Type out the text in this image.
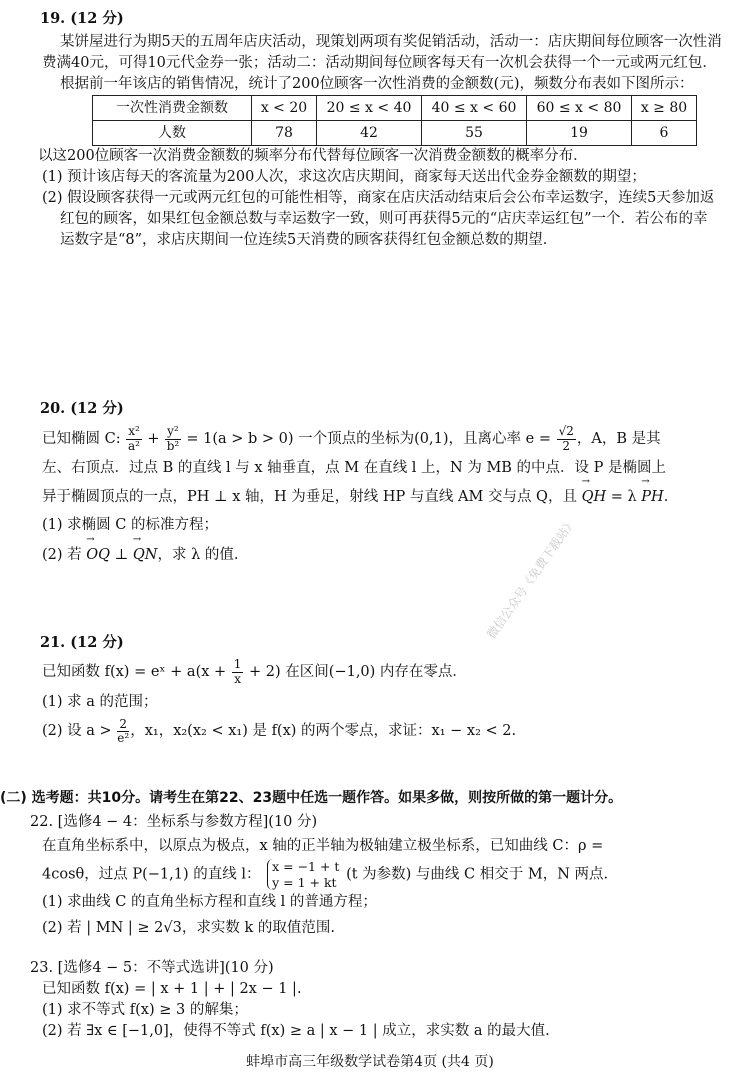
19. (12 分)

某饼屋进行为期5天的五周年店庆活动，现策划两项有奖促销活动，活动一：店庆期间每位顾客一次性消费满40元，可得10元代金券一张；活动二：活动期间每位顾客每天有一次机会获得一个一元或两元红包．

根据前一年该店的销售情况，统计了200位顾客一次性消费的金额数(元)，频数分布表如下图所示：

一次性消费金额数	x < 20	20 ≤ x < 40	40 ≤ x < 60	60 ≤ x < 80	x ≥ 80
人数	78	42	55	19	6

以这200位顾客一次消费金额数的频率分布代替每位顾客一次消费金额数的概率分布．

(1) 预计该店每天的客流量为200人次，求这次店庆期间，商家每天送出代金券金额数的期望；

(2) 假设顾客获得一元或两元红包的可能性相等，商家在店庆活动结束后会公布幸运数字，连续5天参加返红包的顾客，如果红包金额总数与幸运数字一致，则可再获得5元的“店庆幸运红包”一个．若公布的幸运数字是“8”，求店庆期间一位连续5天消费的顾客获得红包金额总数的期望．

20. (12 分)

已知椭圆 C: $\frac{\text{x²}}{\text{a²}} + \frac{\text{y²}}{\text{b²}} = 1(a > b > 0)$ 一个顶点的坐标为(0,1)，且离心率 $e = \frac{√2}{2}$ ，A，B 是其

左、右顶点．过点 B 的直线 l 与 x 轴垂直，点 M 在直线 l 上，N 为 MB 的中点．设 P 是椭圆上

异于椭圆顶点的一点，PH ⊥ x 轴，H 为垂足，射线 HP 与直线 AM 交与点 Q，且 → QH = λ → PH.

(1) 求椭圆 C 的标准方程；

(2) 若 → OQ ⊥ → QN，求 λ 的值.

21. (12 分)

已知函数 f(x) = eˣ + $a(x + \frac{1}{x} + 2)$ 在区间(−1,0) 内存在零点．

(1) 求 a 的范围；

(2) 设 $a > \frac{2}{\text{e²}}$ ，x₁，x₂(x₂ < x₁) 是 f(x) 的两个零点，求证：x₁ − x₂ < 2.

(二) 选考题：共10分。请考生在第22、23题中任选一题作答。如果多做，则按所做的第一题计分。

22. [选修4 − 4：坐标系与参数方程](10 分)

在直角坐标系中，以原点为极点，x 轴的正半轴为极轴建立极坐标系，已知曲线 C：ρ =

4cosθ，过点 P(−1,1) 的直线 l：
x = −1 + t
y = 1 + kt (t 为参数) 与曲线 C 相交于 M，N 两点.

(1) 求曲线 C 的直角坐标方程和直线 l 的普通方程；

(2) 若 | MN | ≥ 2√3，求实数 k 的取值范围.

23. [选修4 − 5：不等式选讲](10 分)

已知函数 f(x) = | x + 1 | + | 2x − 1 |.

(1) 求不等式 f(x) ≥ 3 的解集；

(2) 若 ∃x ∈ [−1,0]，使得不等式 f(x) ≥ a | x − 1 | 成立，求实数 a 的最大值.

微信公众号《免费下载站》
蚌埠市高三年级数学试卷第4页 (共4 页)
